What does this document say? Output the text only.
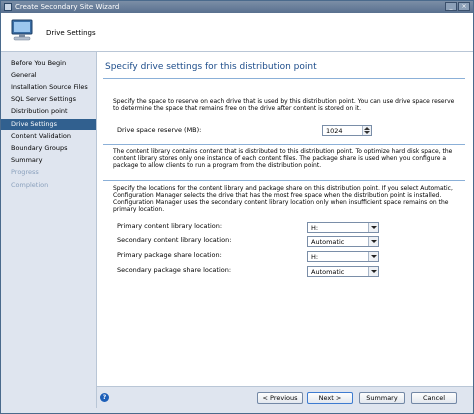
Create Secondary Site Wizard	_	×
Drive Settings
Before You Begin
General
Installation Source Files
SQL Server Settings
Distribution point
Drive Settings
Content Validation
Boundary Groups
Summary
Progress
Completion
Specify drive settings for this distribution point
Specify the space to reserve on each drive that is used by this distribution point. You can use drive space reserve to determine the space that remains free on the drive after content is stored on it.
Drive space reserve (MB):	1024
The content library contains content that is distributed to this distribution point. To optimize hard disk space, the content library stores only one instance of each content files. The package share is used when you configure a package to allow clients to run a program from the distribution point.
Specify the locations for the content library and package share on this distribution point. If you select Automatic, Configuration Manager selects the drive that has the most free space when the distribution point is installed. Configuration Manager uses the secondary content library location only when insufficient space remains on the primary location.
Primary content library location:	H:
Secondary content library location:	Automatic
Primary package share location:	H:
Secondary package share location:	Automatic
?	< Previous	Next >	Summary	Cancel
